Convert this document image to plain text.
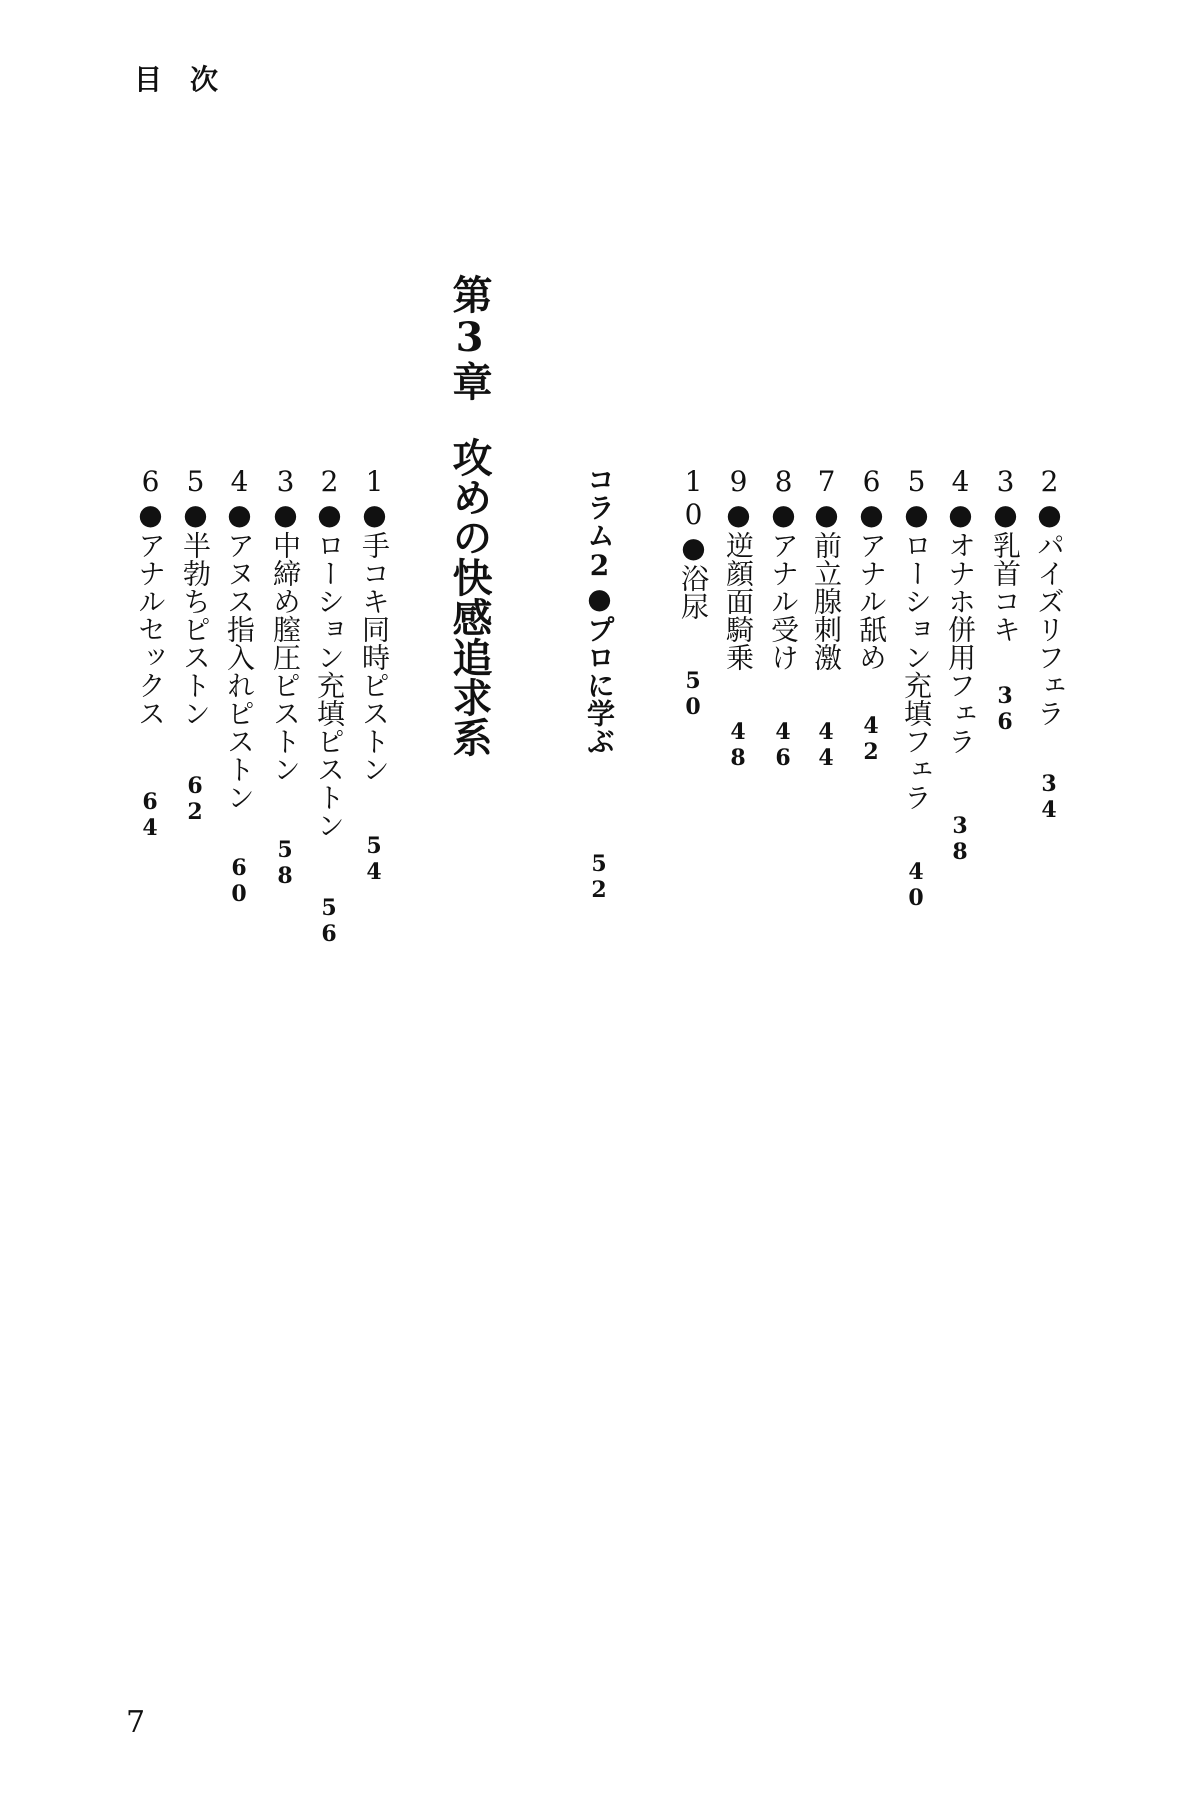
目次
2●パイズリフェラ34
3●乳首コキ36
4●オナホ併用フェラ38
5●ローション充填フェラ40
6●アナル舐め42
7●前立腺刺激44
8●アナル受け46
9●逆顔面騎乗48
10●浴尿50
コラム2●プロに学ぶ52
第3章攻めの快感追求系
1●手コキ同時ピストン54
2●ローション充填ピストン56
3●中締め膣圧ピストン58
4●アヌス指入れピストン60
5●半勃ちピストン62
6●アナルセックス64
7
